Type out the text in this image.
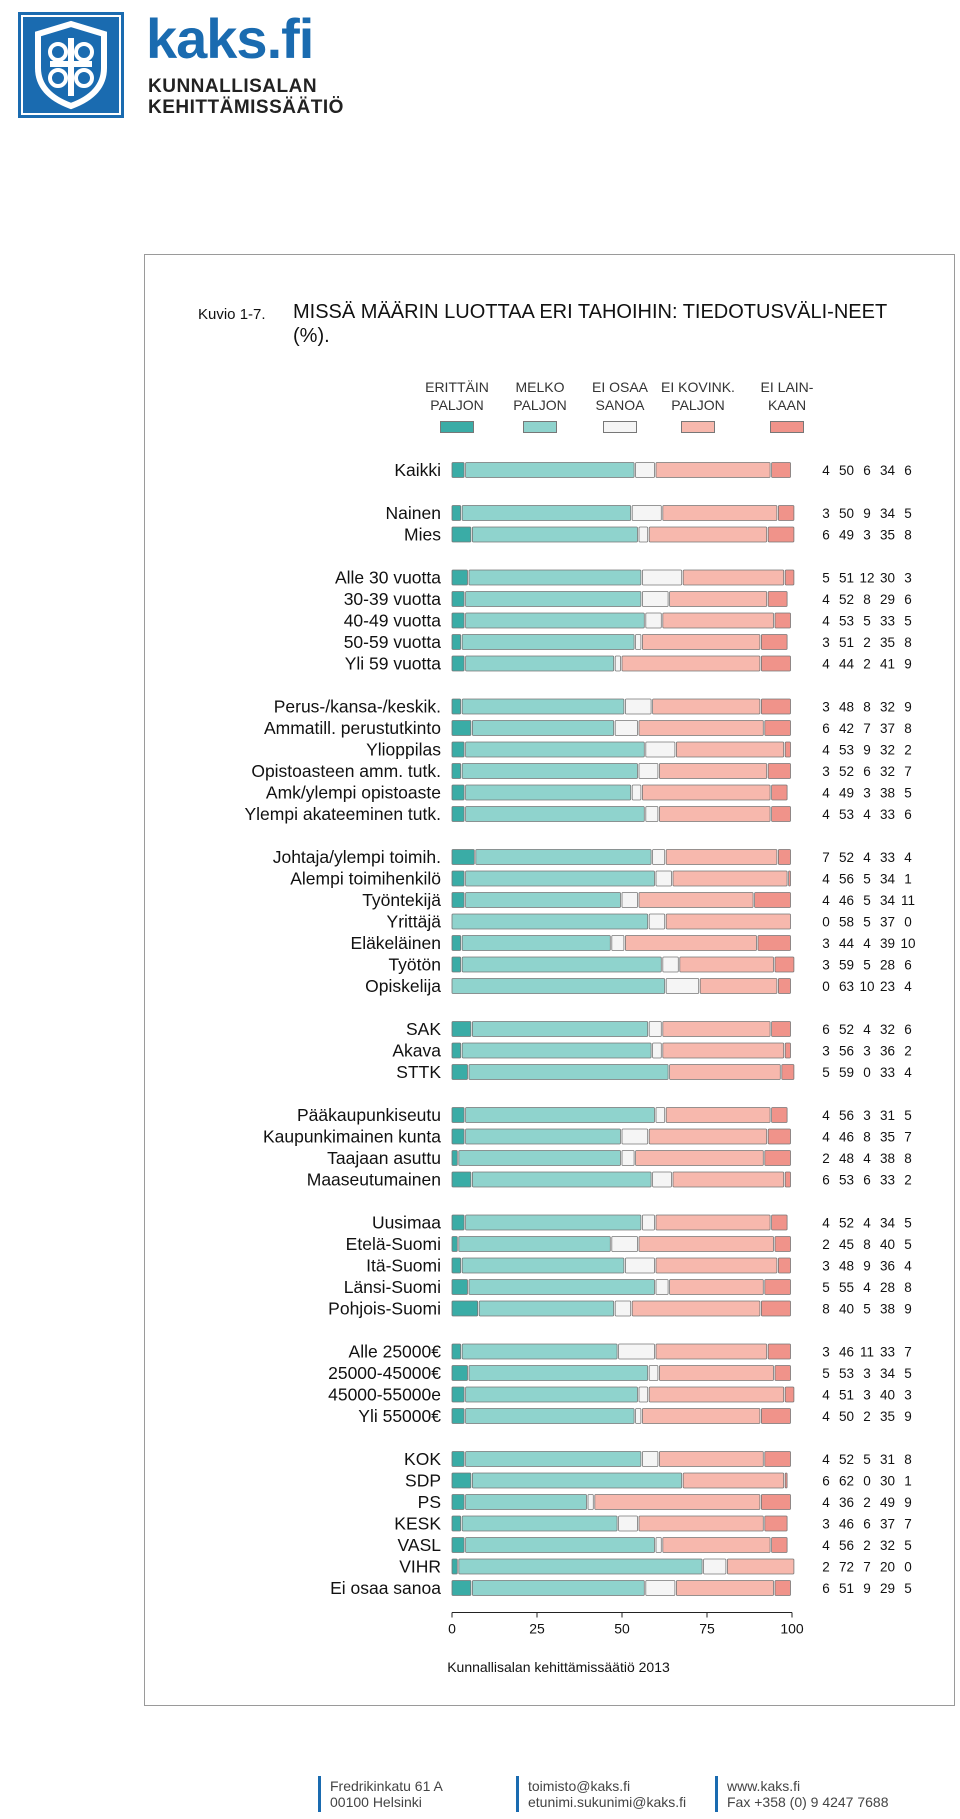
kaks.fi
KUNNALLISALAN
KEHITTÄMISSÄÄTIÖ
Kuvio 1-7. MISSÄ MÄÄRIN LUOTTAA ERI TAHOIHIN: TIEDOTUSVÄLI-NEET (%).
ERITTÄIN
PALJON
MELKO
PALJON
EI OSAA
SANOA
EI KOVINK.
PALJON
EI LAIN-
KAAN
Kaikki	4 50 6 34 6
Nainen	3 50 9 34 5
Mies	6 49 3 35 8
Alle 30 vuotta	5 51 12 30 3
30-39 vuotta	4 52 8 29 6
40-49 vuotta	4 53 5 33 5
50-59 vuotta	3 51 2 35 8
Yli 59 vuotta	4 44 2 41 9
Perus-/kansa-/keskik.	3 48 8 32 9
Ammatill. perustutkinto	6 42 7 37 8
Ylioppilas	4 53 9 32 2
Opistoasteen amm. tutk.	3 52 6 32 7
Amk/ylempi opistoaste	4 49 3 38 5
Ylempi akateeminen tutk.	4 53 4 33 6
Johtaja/ylempi toimih.	7 52 4 33 4
Alempi toimihenkilö	4 56 5 34 1
Työntekijä	4 46 5 34 11
Yrittäjä	0 58 5 37 0
Eläkeläinen	3 44 4 39 10
Työtön	3 59 5 28 6
Opiskelija	0 63 10 23 4
SAK	6 52 4 32 6
Akava	3 56 3 36 2
STTK	5 59 0 33 4
Pääkaupunkiseutu	4 56 3 31 5
Kaupunkimainen kunta	4 46 8 35 7
Taajaan asuttu	2 48 4 38 8
Maaseutumainen	6 53 6 33 2
Uusimaa	4 52 4 34 5
Etelä-Suomi	2 45 8 40 5
Itä-Suomi	3 48 9 36 4
Länsi-Suomi	5 55 4 28 8
Pohjois-Suomi	8 40 5 38 9
Alle 25000€	3 46 11 33 7
25000-45000€	5 53 3 34 5
45000-55000e	4 51 3 40 3
Yli 55000€	4 50 2 35 9
KOK	4 52 5 31 8
SDP	6 62 0 30 1
PS	4 36 2 49 9
KESK	3 46 6 37 7
VASL	4 56 2 32 5
VIHR	2 72 7 20 0
Ei osaa sanoa	6 51 9 29 5
0	25	50	75	100
Kunnallisalan kehittämissäätiö 2013
Fredrikinkatu 61 A
00100 Helsinki
toimisto@kaks.fi
etunimi.sukunimi@kaks.fi
www.kaks.fi
Fax +358 (0) 9 4247 7688
